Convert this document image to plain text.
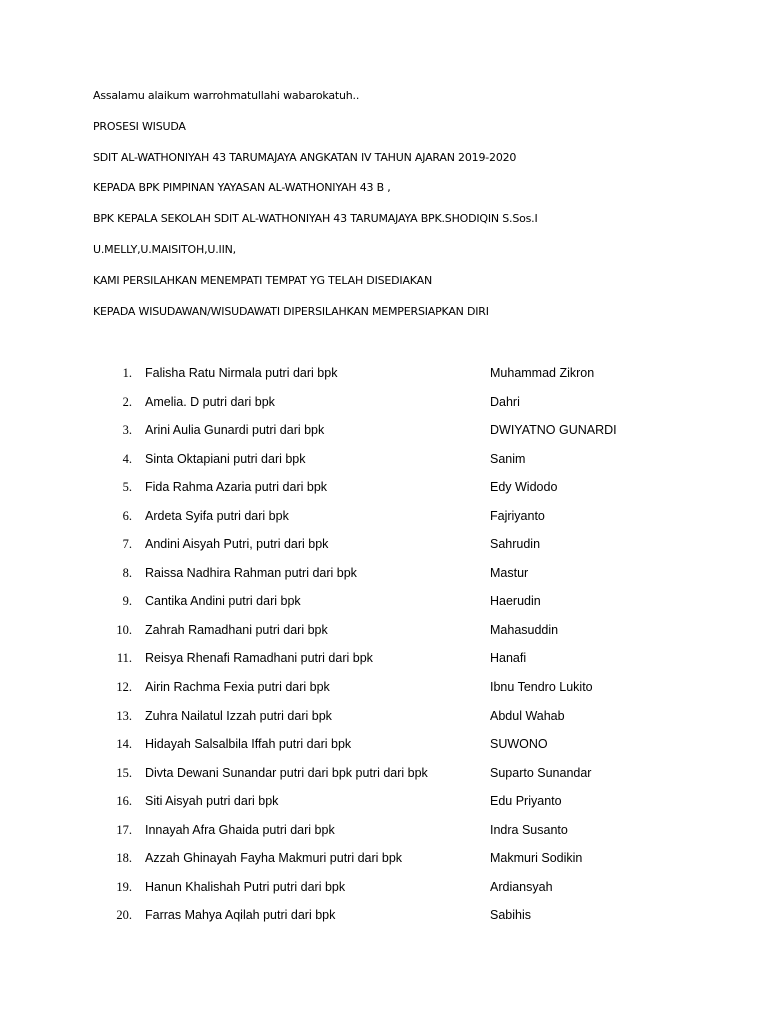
Assalamu alaikum warrohmatullahi wabarokatuh..
PROSESI WISUDA
SDIT AL-WATHONIYAH 43 TARUMAJAYA ANGKATAN IV TAHUN AJARAN 2019-2020
KEPADA BPK PIMPINAN YAYASAN AL-WATHONIYAH 43 B ,
BPK KEPALA SEKOLAH SDIT AL-WATHONIYAH 43 TARUMAJAYA BPK.SHODIQIN S.Sos.I
U.MELLY,U.MAISITOH,U.IIN,
KAMI PERSILAHKAN MENEMPATI TEMPAT YG TELAH DISEDIAKAN
KEPADA WISUDAWAN/WISUDAWATI DIPERSILAHKAN MEMPERSIAPKAN DIRI
1. Falisha Ratu Nirmala putri dari bpk	Muhammad Zikron
2. Amelia. D putri dari bpk	Dahri
3. Arini Aulia Gunardi putri dari bpk	DWIYATNO GUNARDI
4. Sinta Oktapiani putri dari bpk	Sanim
5. Fida Rahma Azaria putri dari bpk	Edy Widodo
6. Ardeta Syifa putri dari bpk	Fajriyanto
7. Andini Aisyah Putri, putri dari bpk	Sahrudin
8. Raissa Nadhira Rahman putri dari bpk	Mastur
9. Cantika Andini putri dari bpk	Haerudin
10. Zahrah Ramadhani putri dari bpk	Mahasuddin
11. Reisya Rhenafi Ramadhani putri dari bpk	Hanafi
12. Airin Rachma Fexia putri dari bpk	Ibnu Tendro Lukito
13. Zuhra Nailatul Izzah putri dari bpk	Abdul Wahab
14. Hidayah Salsalbila Iffah putri dari bpk	SUWONO
15. Divta Dewani Sunandar putri dari bpk putri dari bpk	Suparto Sunandar
16. Siti Aisyah putri dari bpk	Edu Priyanto
17. Innayah Afra Ghaida putri dari bpk	Indra Susanto
18. Azzah Ghinayah Fayha Makmuri putri dari bpk	Makmuri Sodikin
19. Hanun Khalishah Putri putri dari bpk	Ardiansyah
20. Farras Mahya Aqilah putri dari bpk	Sabihis
